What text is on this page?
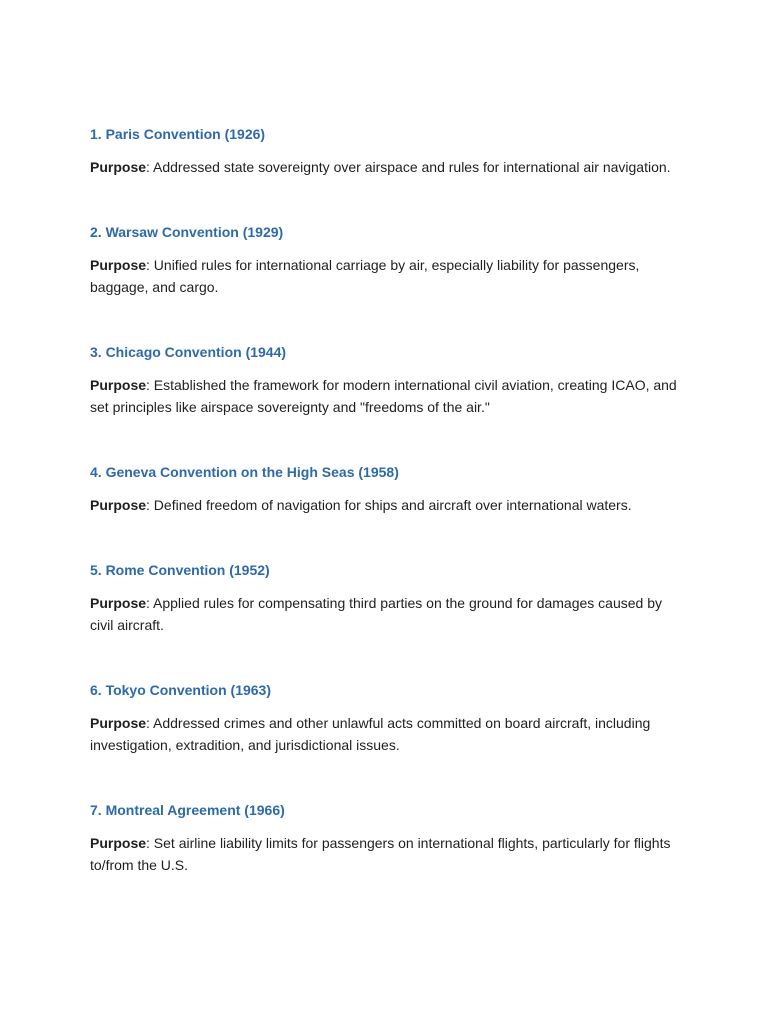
1. Paris Convention (1926)

Purpose: Addressed state sovereignty over airspace and rules for international air navigation.

2. Warsaw Convention (1929)

Purpose: Unified rules for international carriage by air, especially liability for passengers, baggage, and cargo.

3. Chicago Convention (1944)

Purpose: Established the framework for modern international civil aviation, creating ICAO, and set principles like airspace sovereignty and "freedoms of the air."

4. Geneva Convention on the High Seas (1958)

Purpose: Defined freedom of navigation for ships and aircraft over international waters.

5. Rome Convention (1952)

Purpose: Applied rules for compensating third parties on the ground for damages caused by civil aircraft.

6. Tokyo Convention (1963)

Purpose: Addressed crimes and other unlawful acts committed on board aircraft, including investigation, extradition, and jurisdictional issues.

7. Montreal Agreement (1966)

Purpose: Set airline liability limits for passengers on international flights, particularly for flights to/from the U.S.
